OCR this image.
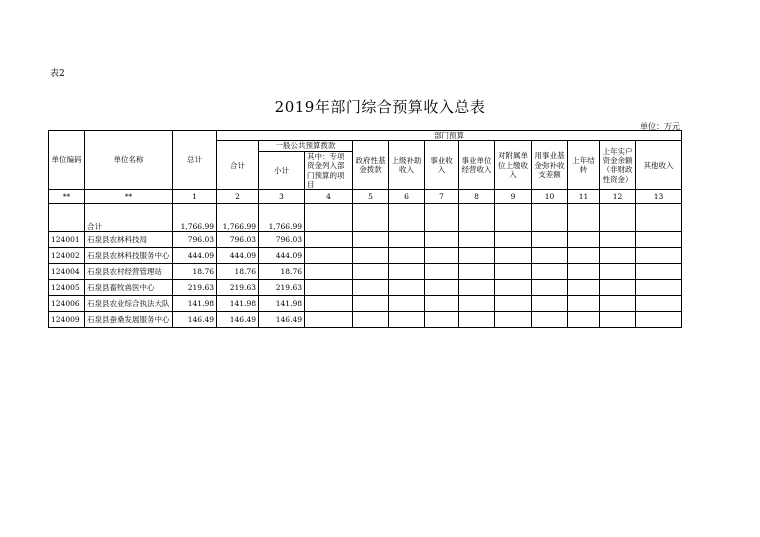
表2
2019年部门综合预算收入总表
单位：万元
单位编码	单位名称	总计	部门预算											
			合计	一般公共预算拨款		政府性基金拨款	上级补助收入	事业收入	事业单位经营收入	对附属单位上缴收入	用事业基金弥补收支差额	上年结转	上年实户资金余额（非财政性资金）	其他收入
				小计	其中：专项资金列入部门预算的项目									
**	**	1	2	3	4	5	6	7	8	9	10	11	12	13
	合计	1,766.99	1,766.99	1,766.99										
124001	石泉县农林科技局	796.03	796.03	796.03										
124002	石泉县农林科技服务中心	444.09	444.09	444.09										
124004	石泉县农村经营管理站	18.76	18.76	18.76										
124005	石泉县畜牧兽医中心	219.63	219.63	219.63										
124006	石泉县农业综合执法大队	141.98	141.98	141.98										
124009	石泉县蚕桑发展服务中心	146.49	146.49	146.49										
